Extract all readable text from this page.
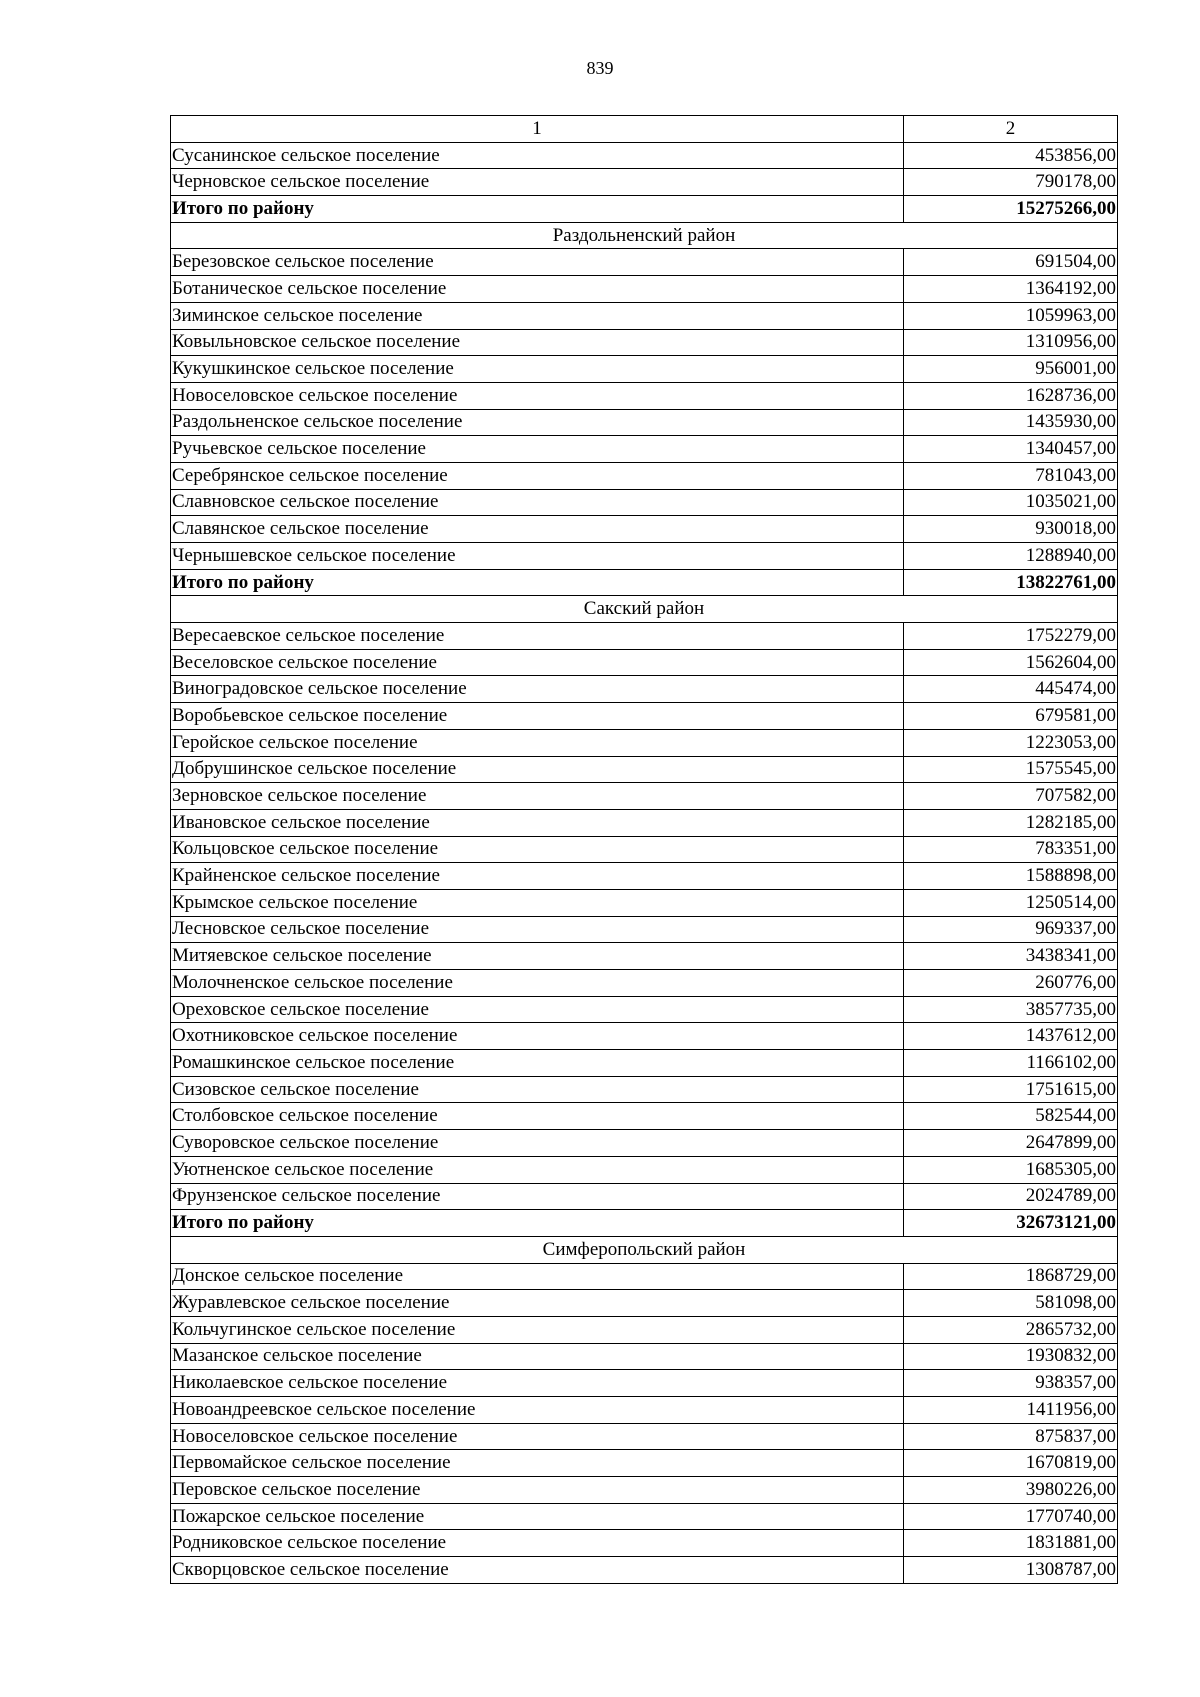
839
1	2
Сусанинское сельское поселение	453856,00
Черновское сельское поселение	790178,00
Итого по району	15275266,00
Раздольненский район	
Березовское сельское поселение	691504,00
Ботаническое сельское поселение	1364192,00
Зиминское сельское поселение	1059963,00
Ковыльновское сельское поселение	1310956,00
Кукушкинское сельское поселение	956001,00
Новоселовское сельское поселение	1628736,00
Раздольненское сельское поселение	1435930,00
Ручьевское сельское поселение	1340457,00
Серебрянское сельское поселение	781043,00
Славновское сельское поселение	1035021,00
Славянское сельское поселение	930018,00
Чернышевское сельское поселение	1288940,00
Итого по району	13822761,00
Сакский район	
Вересаевское сельское поселение	1752279,00
Веселовское сельское поселение	1562604,00
Виноградовское сельское поселение	445474,00
Воробьевское сельское поселение	679581,00
Геройское сельское поселение	1223053,00
Добрушинское сельское поселение	1575545,00
Зерновское сельское поселение	707582,00
Ивановское сельское поселение	1282185,00
Кольцовское сельское поселение	783351,00
Крайненское сельское поселение	1588898,00
Крымское сельское поселение	1250514,00
Лесновское сельское поселение	969337,00
Митяевское сельское поселение	3438341,00
Молочненское сельское поселение	260776,00
Ореховское сельское поселение	3857735,00
Охотниковское сельское поселение	1437612,00
Ромашкинское сельское поселение	1166102,00
Сизовское сельское поселение	1751615,00
Столбовское сельское поселение	582544,00
Суворовское сельское поселение	2647899,00
Уютненское сельское поселение	1685305,00
Фрунзенское сельское поселение	2024789,00
Итого по району	32673121,00
Симферопольский район	
Донское сельское поселение	1868729,00
Журавлевское сельское поселение	581098,00
Кольчугинское сельское поселение	2865732,00
Мазанское сельское поселение	1930832,00
Николаевское сельское поселение	938357,00
Новоандреевское сельское поселение	1411956,00
Новоселовское сельское поселение	875837,00
Первомайское сельское поселение	1670819,00
Перовское сельское поселение	3980226,00
Пожарское сельское поселение	1770740,00
Родниковское сельское поселение	1831881,00
Скворцовское сельское поселение	1308787,00
